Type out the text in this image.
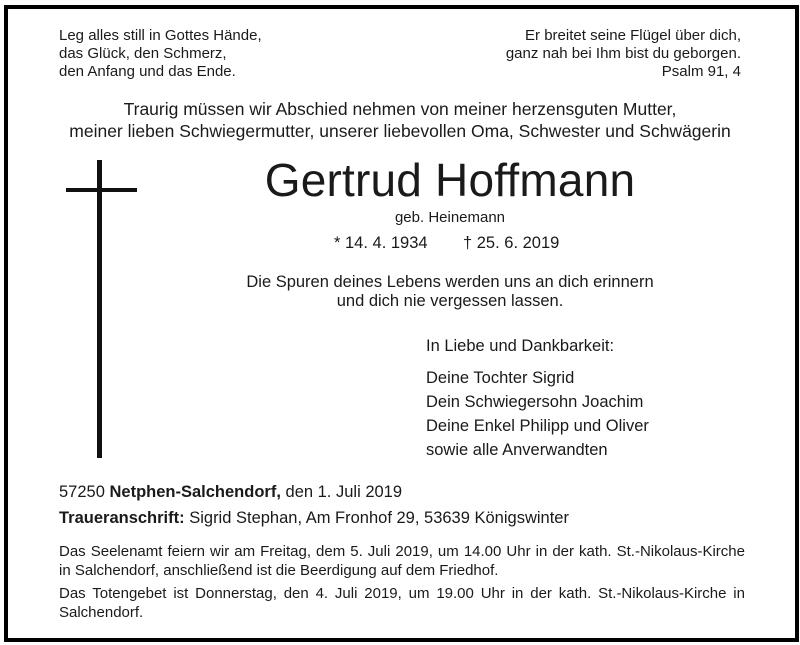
Leg alles still in Gottes Hände,
das Glück, den Schmerz,
den Anfang und das Ende.
Er breitet seine Flügel über dich,
ganz nah bei Ihm bist du geborgen.
Psalm 91, 4
Traurig müssen wir Abschied nehmen von meiner herzensguten Mutter,
meiner lieben Schwiegermutter, unserer liebevollen Oma, Schwester und Schwägerin
Gertrud Hoffmann
geb. Heinemann
* 14. 4. 1934 † 25. 6. 2019
Die Spuren deines Lebens werden uns an dich erinnern
und dich nie vergessen lassen.
In Liebe und Dankbarkeit:
Deine Tochter Sigrid
Dein Schwiegersohn Joachim
Deine Enkel Philipp und Oliver
sowie alle Anverwandten
57250 Netphen-Salchendorf, den 1. Juli 2019
Traueranschrift: Sigrid Stephan, Am Fronhof 29, 53639 Königswinter
Das Seelenamt feiern wir am Freitag, dem 5. Juli 2019, um 14.00 Uhr in der kath. St.-Nikolaus-Kirche in Salchendorf, anschließend ist die Beerdigung auf dem Friedhof.
Das Totengebet ist Donnerstag, den 4. Juli 2019, um 19.00 Uhr in der kath. St.-Nikolaus-Kirche in Salchendorf.
